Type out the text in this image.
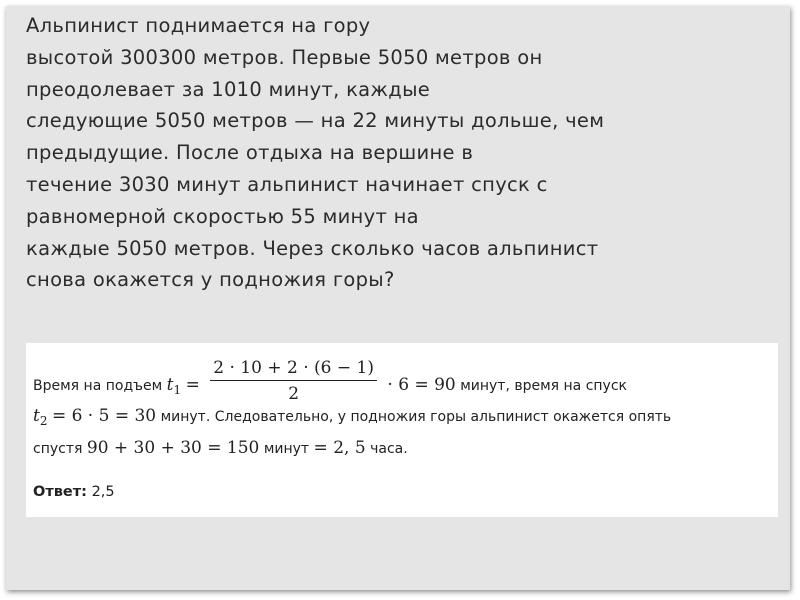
Альпинист поднимается на гору
высотой 300300 метров. Первые 5050 метров он
преодолевает за 1010 минут, каждые
следующие 5050 метров — на 22 минуты дольше, чем
предыдущие. После отдыха на вершине в
течение 3030 минут альпинист начинает спуск с
равномерной скоростью 55 минут на
каждые 5050 метров. Через сколько часов альпинист
снова окажется у подножия горы?
Время на подъем $t_1 = \frac{2 \cdot 10 + 2 \cdot (6 - 1)}{2} \cdot 6 = 90$ минут, время на спуск
$t_2 = 6 \cdot 5 = 30$ минут. Следовательно, у подножия горы альпинист окажется опять
спустя 90 + 30 + 30 = 150 минут = 2, 5 часа.
Ответ: 2,5
